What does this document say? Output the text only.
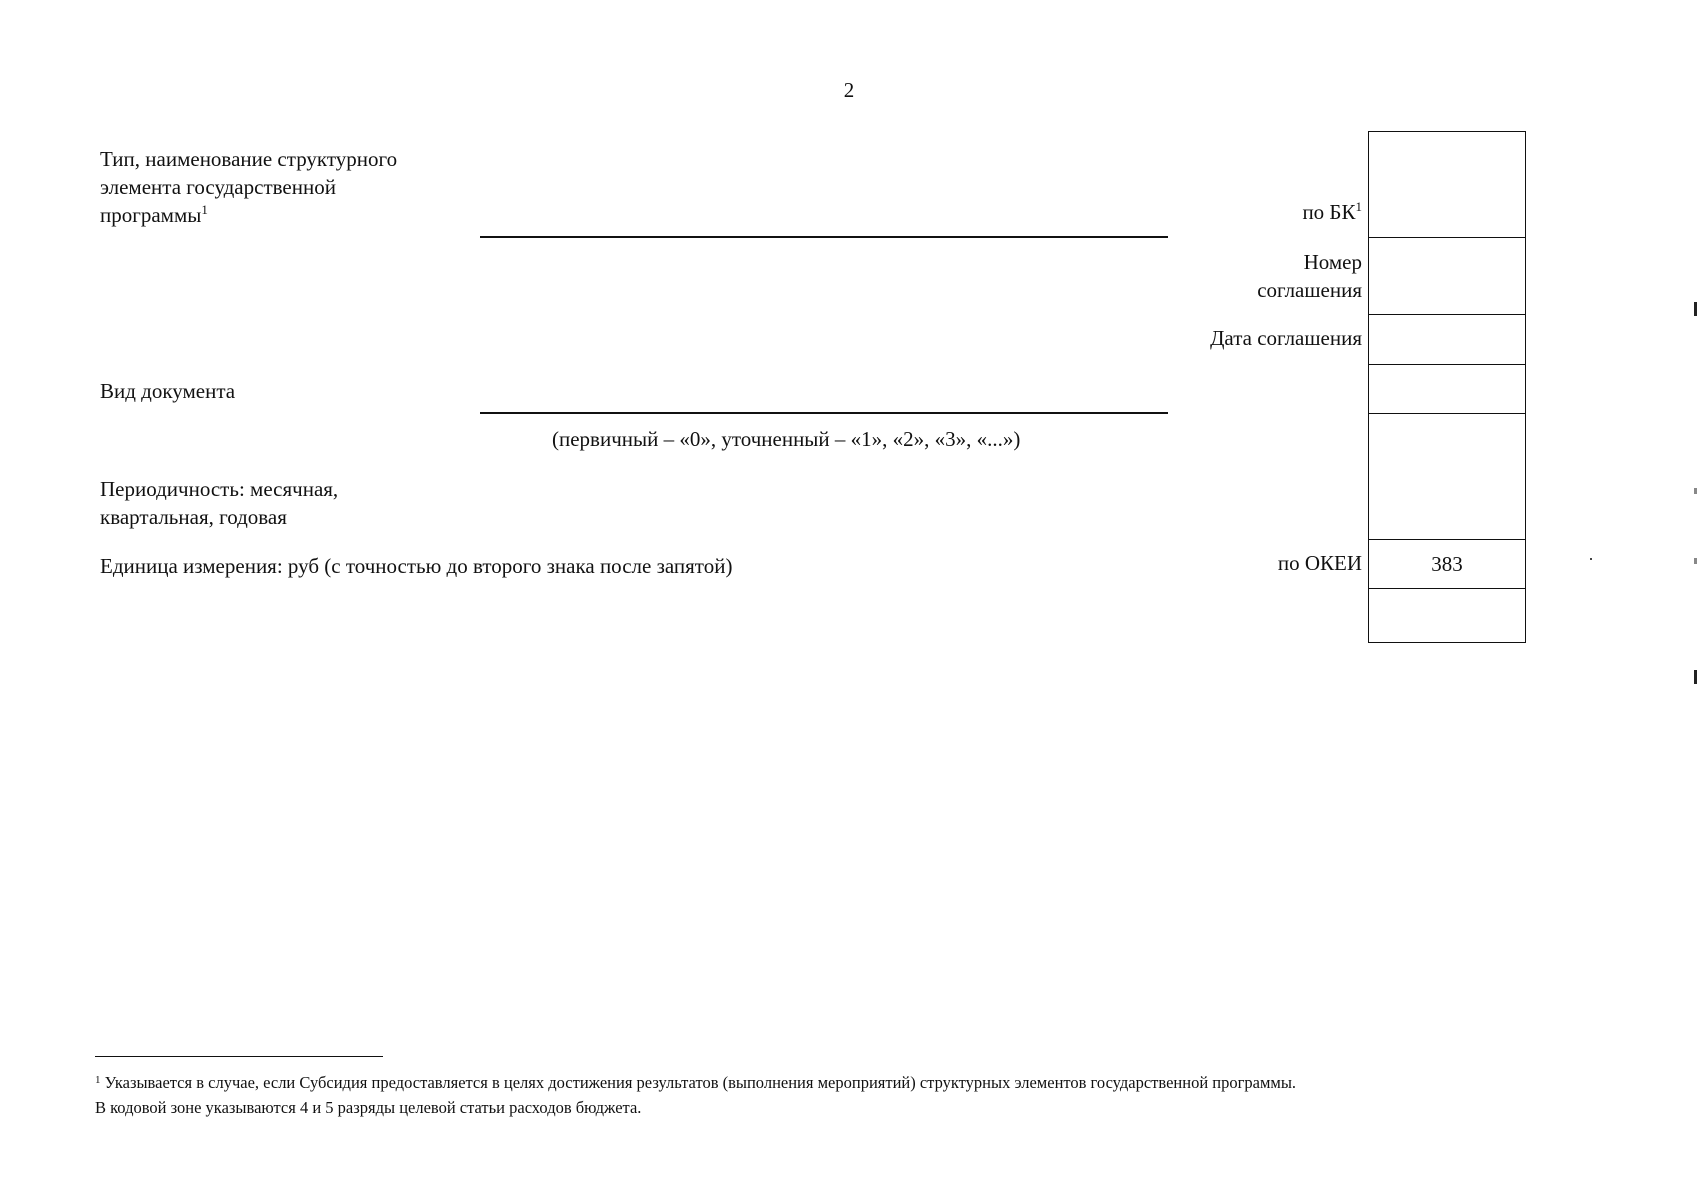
2
Тип, наименование структурного
элемента государственной
программы$^1$
Вид документа
(первичный – «0», уточненный – «1», «2», «3», «...»)
Периодичность: месячная,
квартальная, годовая
Единица измерения: руб (с точностью до второго знака после запятой)
по $БК^1$
Номер
соглашения
Дата соглашения
по ОКЕИ	383
$^1$ Указывается в случае, если Субсидия предоставляется в целях достижения результатов (выполнения мероприятий) структурных элементов государственной программы.
В кодовой зоне указываются 4 и 5 разряды целевой статьи расходов бюджета.
